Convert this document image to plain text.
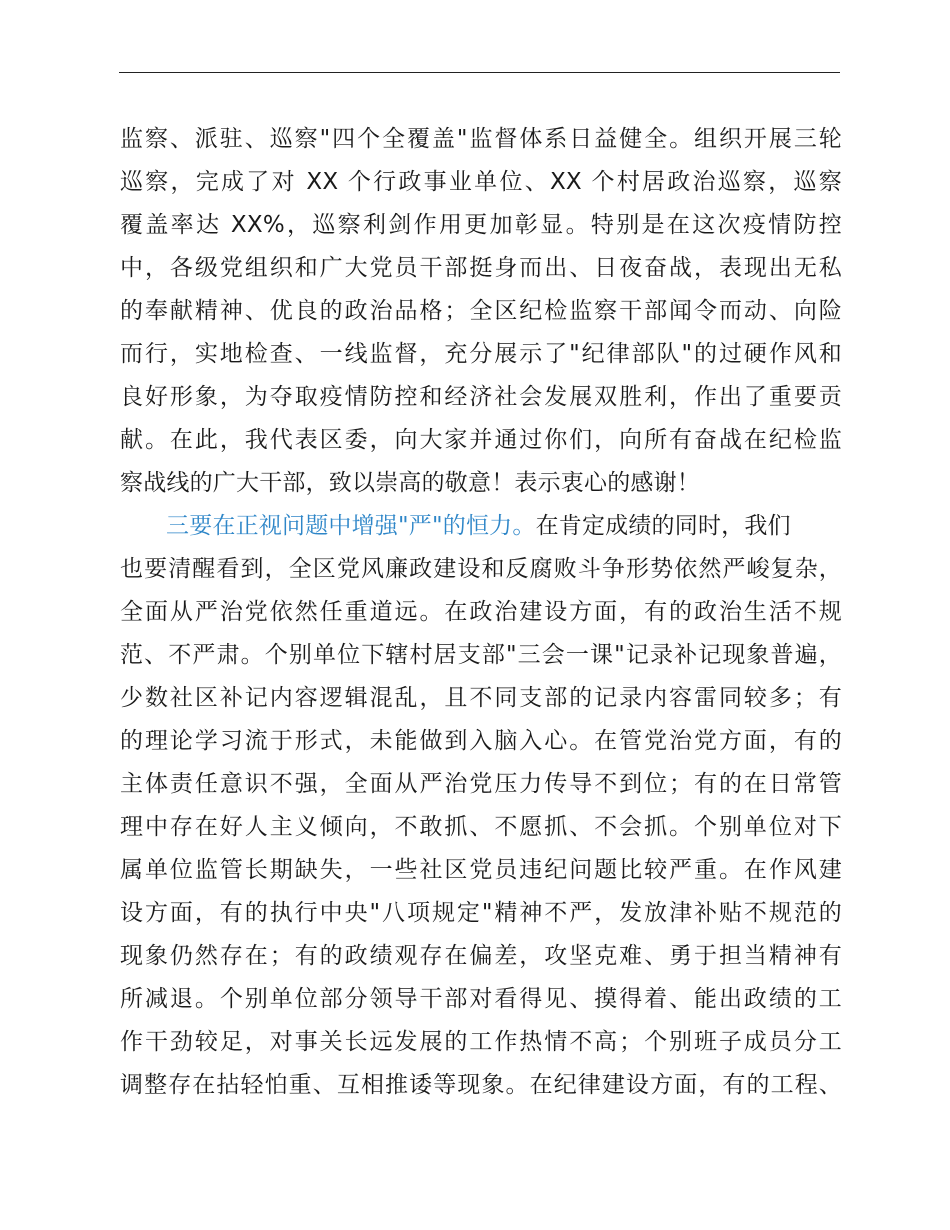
监察、派驻、巡察"四个全覆盖"监督体系日益健全。组织开展三轮
巡察，完成了对 XX 个行政事业单位、XX 个村居政治巡察，巡察
覆盖率达 XX%，巡察利剑作用更加彰显。特别是在这次疫情防控
中，各级党组织和广大党员干部挺身而出、日夜奋战，表现出无私
的奉献精神、优良的政治品格；全区纪检监察干部闻令而动、向险
而行，实地检查、一线监督，充分展示了"纪律部队"的过硬作风和
良好形象，为夺取疫情防控和经济社会发展双胜利，作出了重要贡
献。在此，我代表区委，向大家并通过你们，向所有奋战在纪检监
察战线的广大干部，致以崇高的敬意！表示衷心的感谢！
三要在正视问题中增强"严"的恒力。在肯定成绩的同时，我们
也要清醒看到，全区党风廉政建设和反腐败斗争形势依然严峻复杂，
全面从严治党依然任重道远。在政治建设方面，有的政治生活不规
范、不严肃。个别单位下辖村居支部"三会一课"记录补记现象普遍，
少数社区补记内容逻辑混乱，且不同支部的记录内容雷同较多；有
的理论学习流于形式，未能做到入脑入心。在管党治党方面，有的
主体责任意识不强，全面从严治党压力传导不到位；有的在日常管
理中存在好人主义倾向，不敢抓、不愿抓、不会抓。个别单位对下
属单位监管长期缺失，一些社区党员违纪问题比较严重。在作风建
设方面，有的执行中央"八项规定"精神不严，发放津补贴不规范的
现象仍然存在；有的政绩观存在偏差，攻坚克难、勇于担当精神有
所减退。个别单位部分领导干部对看得见、摸得着、能出政绩的工
作干劲较足，对事关长远发展的工作热情不高；个别班子成员分工
调整存在拈轻怕重、互相推诿等现象。在纪律建设方面，有的工程、
